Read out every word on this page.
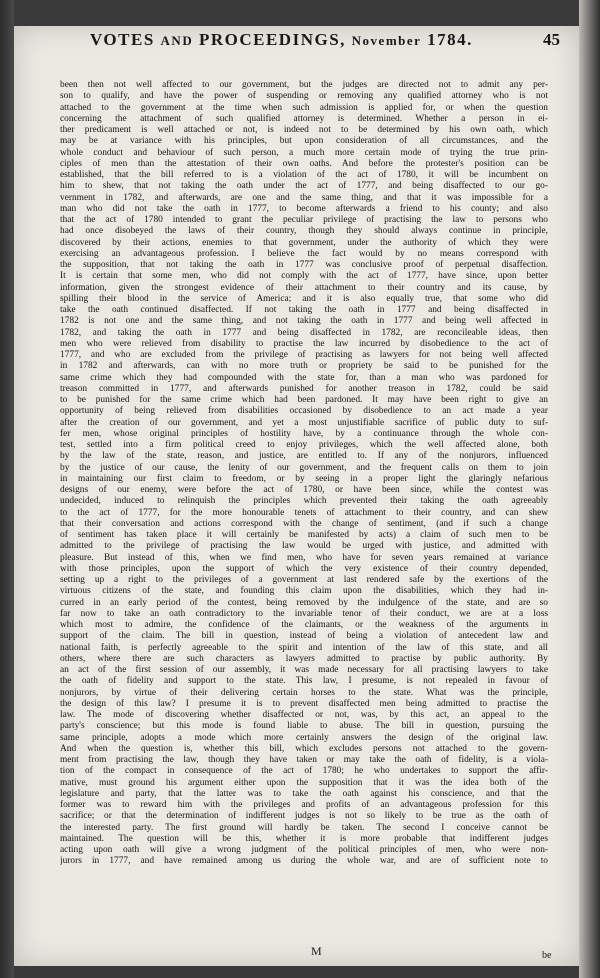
VOTES AND PROCEEDINGS, November 1784.	45
been then not well affected to our government, but the judges are directed not to admit any per-
son to qualify, and have the power of suspending or removing any qualified attorney who is not
attached to the government at the time when such admission is applied for, or when the question
concerning the attachment of such qualified attorney is determined. Whether a person in ei-
ther predicament is well attached or not, is indeed not to be determined by his own oath, which
may be at variance with his principles, but upon consideration of all circumstances, and the
whole conduct and behaviour of such person, a much more certain mode of trying the true prin-
ciples of men than the attestation of their own oaths. And before the protester's position can be
established, that the bill referred to is a violation of the act of 1780, it will be incumbent on
him to shew, that not taking the oath under the act of 1777, and being disaffected to our go-
vernment in 1782, and afterwards, are one and the same thing, and that it was impossible for a
man who did not take the oath in 1777, to become afterwards a friend to his county; and also
that the act of 1780 intended to grant the peculiar privilege of practising the law to persons who
had once disobeyed the laws of their country, though they should always continue in principle,
discovered by their actions, enemies to that government, under the authority of which they were
exercising an advantageous profession. I believe the fact would by no means correspond with
the supposition, that not taking the oath in 1777 was conclusive proof of perpetual disaffection.
It is certain that some men, who did not comply with the act of 1777, have since, upon better
information, given the strongest evidence of their attachment to their country and its cause, by
spilling their blood in the service of America; and it is also equally true, that some who did
take the oath continued disaffected. If not taking the oath in 1777 and being disaffected in
1782 is not one and the same thing, and not taking the oath in 1777 and being well affected in
1782, and taking the oath in 1777 and being disaffected in 1782, are reconcileable ideas, then
men who were relieved from disability to practise the law incurred by disobedience to the act of
1777, and who are excluded from the privilege of practising as lawyers for not being well affected
in 1782 and afterwards, can with no more truth or propriety be said to be punished for the
same crime which they had compounded with the state for, than a man who was pardoned for
treason committed in 1777, and afterwards punished for another treason in 1782, could be said
to be punished for the same crime which had been pardoned. It may have been right to give an
opportunity of being relieved from disabilities occasioned by disobedience to an act made a year
after the creation of our government, and yet a most unjustifiable sacrifice of public duty to suf-
fer men, whose original principles of hostility have, by a continuance through the whole con-
test, settled into a firm political creed to enjoy privileges, which the well affected alone, both
by the law of the state, reason, and justice, are entitled to. If any of the nonjurors, influenced
by the justice of our cause, the lenity of our government, and the frequent calls on them to join
in maintaining our first claim to freedom, or by seeing in a proper light the glaringly nefarious
designs of our enemy, were before the act of 1780, or have been since, while the contest was
undecided, induced to relinquish the principles which prevented their taking the oath agreeably
to the act of 1777, for the more honourable tenets of attachment to their country, and can shew
that their conversation and actions correspond with the change of sentiment, (and if such a change
of sentiment has taken place it will certainly be manifested by acts) a claim of such men to be
admitted to the privilege of practising the law would be urged with justice, and admitted with
pleasure. But instead of this, when we find men, who have for seven years remained at variance
with those principles, upon the support of which the very existence of their country depended,
setting up a right to the privileges of a government at last rendered safe by the exertions of the
virtuous citizens of the state, and founding this claim upon the disabilities, which they had in-
curred in an early period of the contest, being removed by the indulgence of the state, and are so
far now to take an oath contradictory to the invariable tenor of their conduct, we are at a loss
which most to admire, the confidence of the claimants, or the weakness of the arguments in
support of the claim. The bill in question, instead of being a violation of antecedent law and
national faith, is perfectly agreeable to the spirit and intention of the law of this state, and all
others, where there are such characters as lawyers admitted to practise by public authority. By
an act of the first session of our assembly, it was made necessary for all practising lawyers to take
the oath of fidelity and support to the state. This law, I presume, is not repealed in favour of
nonjurors, by virtue of their delivering certain horses to the state. What was the principle,
the design of this law? I presume it is to prevent disaffected men being admitted to practise the
law. The mode of discovering whether disaffected or not, was, by this act, an appeal to the
party's conscience; but this mode is found liable to abuse. The bill in question, pursuing the
same principle, adopts a mode which more certainly answers the design of the original law.
And when the question is, whether this bill, which excludes persons not attached to the govern-
ment from practising the law, though they have taken or may take the oath of fidelity, is a viola-
tion of the compact in consequence of the act of 1780; he who undertakes to support the affir-
mative, must ground his argument either upon the supposition that it was the idea both of the
legislature and party, that the latter was to take the oath against his conscience, and that the
former was to reward him with the privileges and profits of an advantageous profession for this
sacrifice; or that the determination of indifferent judges is not so likely to be true as the oath of
the interested party. The first ground will hardly be taken. The second I conceive cannot be
maintained. The question will be this, whether it is more probable that indifferent judges
acting upon oath will give a wrong judgment of the political principles of men, who were non-
jurors in 1777, and have remained among us during the whole war, and are of sufficient note to
M	be
